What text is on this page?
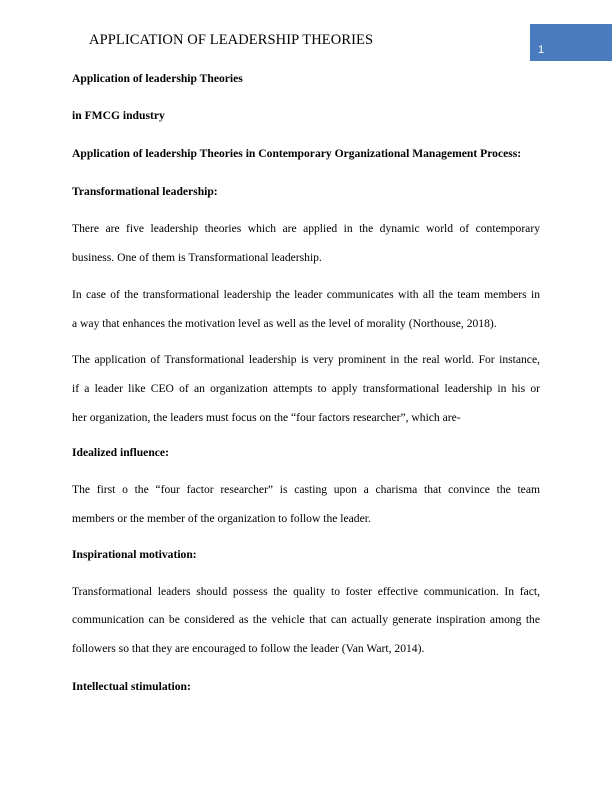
APPLICATION OF LEADERSHIP THEORIES
1
Application of leadership Theories
in FMCG industry
Application of leadership Theories in Contemporary Organizational Management Process:
Transformational leadership:
There are five leadership theories which are applied in the dynamic world of contemporary
business. One of them is Transformational leadership.
In case of the transformational leadership the leader communicates with all the team members in
a way that enhances the motivation level as well as the level of morality (Northouse, 2018).
The application of Transformational leadership is very prominent in the real world. For instance,
if a leader like CEO of an organization attempts to apply transformational leadership in his or
her organization, the leaders must focus on the “four factors researcher”, which are-
Idealized influence:
The first o the “four factor researcher” is casting upon a charisma that convince the team
members or the member of the organization to follow the leader.
Inspirational motivation:
Transformational leaders should possess the quality to foster effective communication. In fact,
communication can be considered as the vehicle that can actually generate inspiration among the
followers so that they are encouraged to follow the leader (Van Wart, 2014).
Intellectual stimulation:
